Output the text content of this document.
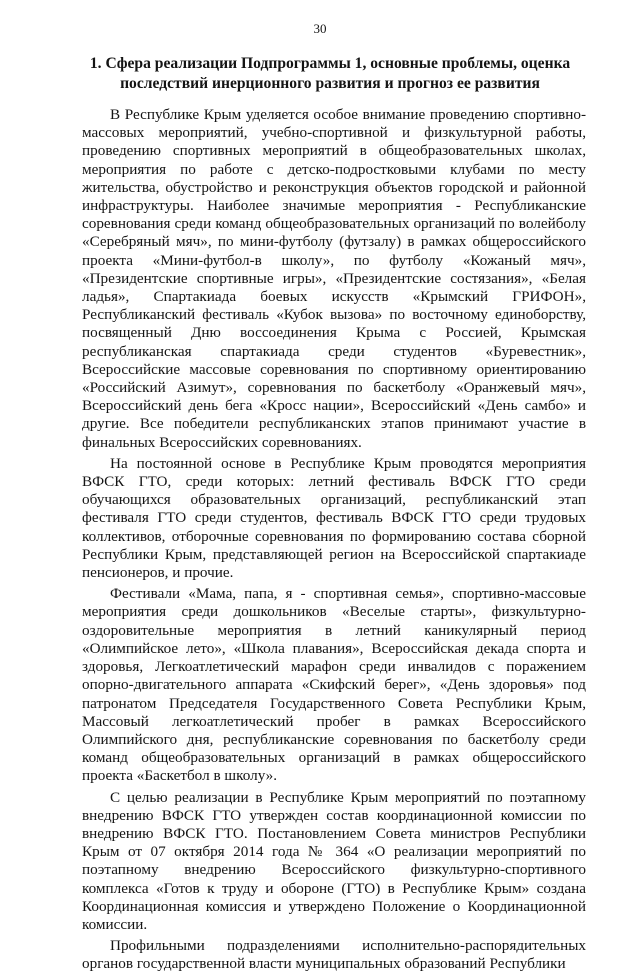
30
1. Сфера реализации Подпрограммы 1, основные проблемы, оценка последствий инерционного развития и прогноз ее развития

В Республике Крым уделяется особое внимание проведению спортивно-массовых мероприятий, учебно-спортивной и физкультурной работы, проведению спортивных мероприятий в общеобразовательных школах, мероприятия по работе с детско-подростковыми клубами по месту жительства, обустройство и реконструкция объектов городской и районной инфраструктуры. Наиболее значимые мероприятия - Республиканские соревнования среди команд общеобразовательных организаций по волейболу «Серебряный мяч», по мини-футболу (футзалу) в рамках общероссийского проекта «Мини-футбол-в школу», по футболу «Кожаный мяч», «Президентские спортивные игры», «Президентские состязания», «Белая ладья», Спартакиада боевых искусств «Крымский ГРИФОН», Республиканский фестиваль «Кубок вызова» по восточному единоборству, посвященный Дню воссоединения Крыма с Россией, Крымская республиканская спартакиада среди студентов «Буревестник», Всероссийские массовые соревнования по спортивному ориентированию «Российский Азимут», соревнования по баскетболу «Оранжевый мяч», Всероссийский день бега «Кросс нации», Всероссийский «День самбо» и другие. Все победители республиканских этапов принимают участие в финальных Всероссийских соревнованиях.

На постоянной основе в Республике Крым проводятся мероприятия ВФСК ГТО, среди которых: летний фестиваль ВФСК ГТО среди обучающихся образовательных организаций, республиканский этап фестиваля ГТО среди студентов, фестиваль ВФСК ГТО среди трудовых коллективов, отборочные соревнования по формированию состава сборной Республики Крым, представляющей регион на Всероссийской спартакиаде пенсионеров, и прочие.

Фестивали «Мама, папа, я - спортивная семья», спортивно-массовые мероприятия среди дошкольников «Веселые старты», физкультурно-оздоровительные мероприятия в летний каникулярный период «Олимпийское лето», «Школа плавания», Всероссийская декада спорта и здоровья, Легкоатлетический марафон среди инвалидов с поражением опорно-двигательного аппарата «Скифский берег», «День здоровья» под патронатом Председателя Государственного Совета Республики Крым, Массовый легкоатлетический пробег в рамках Всероссийского Олимпийского дня, республиканские соревнования по баскетболу среди команд общеобразовательных организаций в рамках общероссийского проекта «Баскетбол в школу».

С целью реализации в Республике Крым мероприятий по поэтапному внедрению ВФСК ГТО утвержден состав координационной комиссии по внедрению ВФСК ГТО. Постановлением Совета министров Республики Крым от 07 октября 2014 года № 364 «О реализации мероприятий по поэтапному внедрению Всероссийского физкультурно-спортивного комплекса «Готов к труду и обороне (ГТО) в Республике Крым» создана Координационная комиссия и утверждено Положение о Координационной комиссии.

Профильными подразделениями исполнительно-распорядительных органов государственной власти муниципальных образований Республики
